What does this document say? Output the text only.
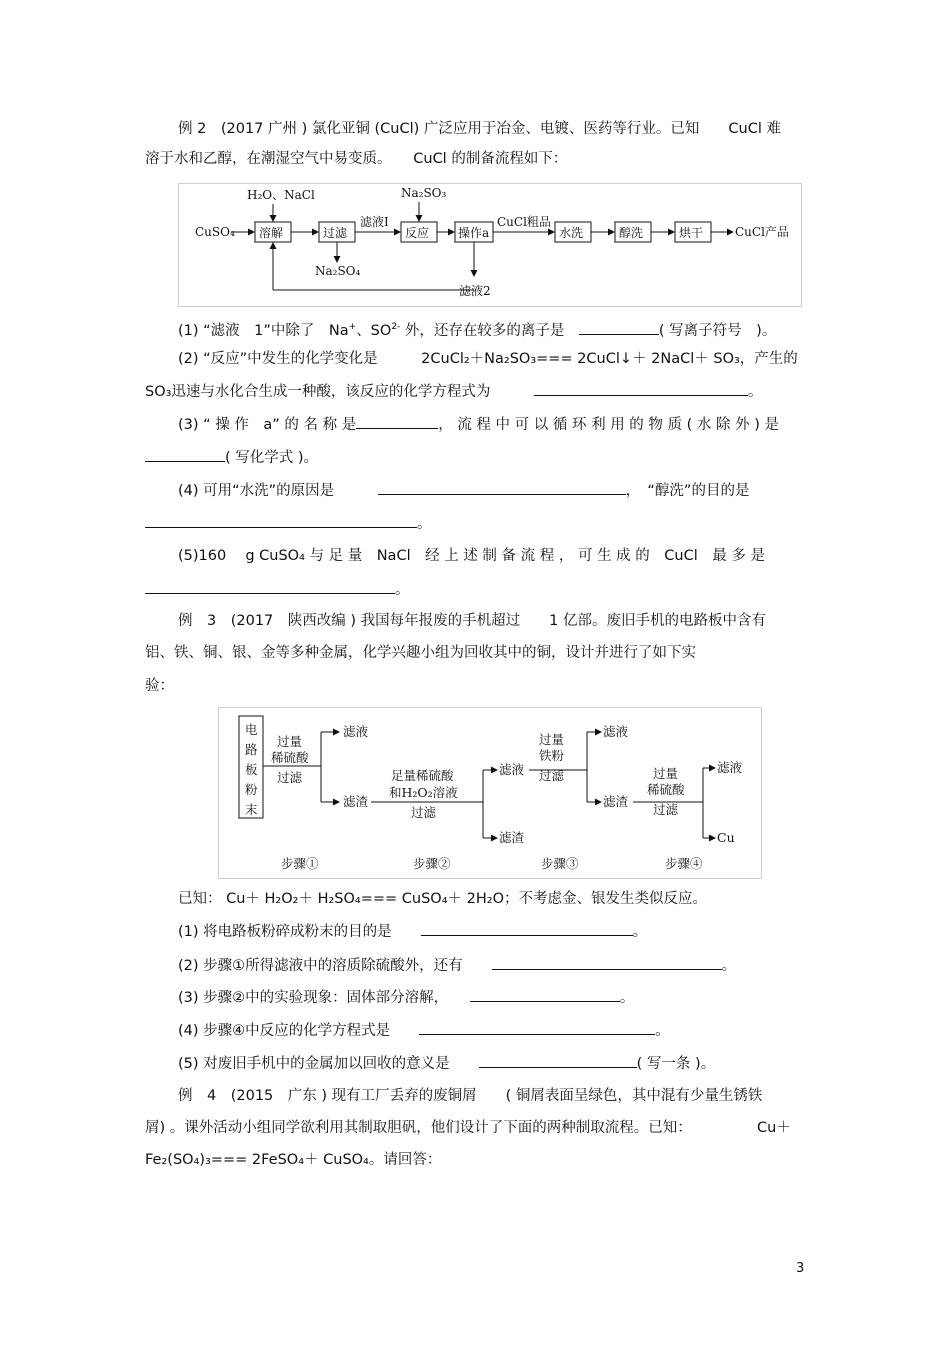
例 2　(2017 广州 ) 氯化亚铜 (CuCl) 广泛应用于冶金、电镀、医药等行业。已知　　CuCl 难
溶于水和乙醇，在潮湿空气中易变质。　　CuCl 的制备流程如下：
H₂O、NaCl	Na₂SO₃
CuSO₄ 溶解	过滤
滤液Ⅰ
反应 操作a
CuCl粗品
水洗	醇洗	烘干	CuCl产品
Na₂SO₄
滤液2
(1) “滤液　1”中除了　Na+、$SO^{2-}$ 外，还存在较多的离子是　	( 写离子符号　)。
(2) “反应”中发生的化学变化是　　　2CuCl₂＋Na₂SO₃=== 2CuCl↓＋ 2NaCl＋ SO₃，产生的
SO₃迅速与水化合生成一种酸，该反应的化学方程式为　　　	。
(3) “ 操 作　a” 的 名 称 是	， 流 程 中 可 以 循 环 利 用 的 物 质 ( 水 除 外 ) 是
( 写化学式 )。
(4) 可用“水洗”的原因是　　　	，　“醇洗”的目的是
。
(5)160　 g CuSO₄ 与 足 量　NaCl　经 上 述 制 备 流 程 ， 可 生 成 的　CuCl　最 多 是
。
例　3　(2017　陕西改编 ) 我国每年报废的手机超过　　1 亿部。废旧手机的电路板中含有
铝、铁、铜、银、金等多种金属，化学兴趣小组为回收其中的铜，设计并进行了如下实
验：
电
路
板
粉
末
过量
稀硫酸
过滤
滤液
滤渣
足量稀硫酸
和H₂O₂溶液
过滤
滤液
滤渣
过量
铁粉
过滤
滤液
滤渣
过量
稀硫酸
过滤
滤液
Cu
步骤①	步骤②	步骤③	步骤④
已知： Cu＋ H₂O₂＋ H₂SO₄=== CuSO₄＋ 2H₂O；不考虑金、银发生类似反应。
(1) 将电路板粉碎成粉末的目的是　　	。
(2) 步骤①所得滤液中的溶质除硫酸外，还有　　	。
(3) 步骤②中的实验现象：固体部分溶解，　　	。
(4) 步骤④中反应的化学方程式是　　	。
(5) 对废旧手机中的金属加以回收的意义是　　	( 写一条 )。
例　4　(2015　广东 ) 现有工厂丢弃的废铜屑　　( 铜屑表面呈绿色，其中混有少量生锈铁
屑) 。课外活动小组同学欲利用其制取胆矾，他们设计了下面的两种制取流程。已知：　　　　　Cu＋
Fe₂(SO₄)₃=== 2FeSO₄＋ CuSO₄。请回答：
3
